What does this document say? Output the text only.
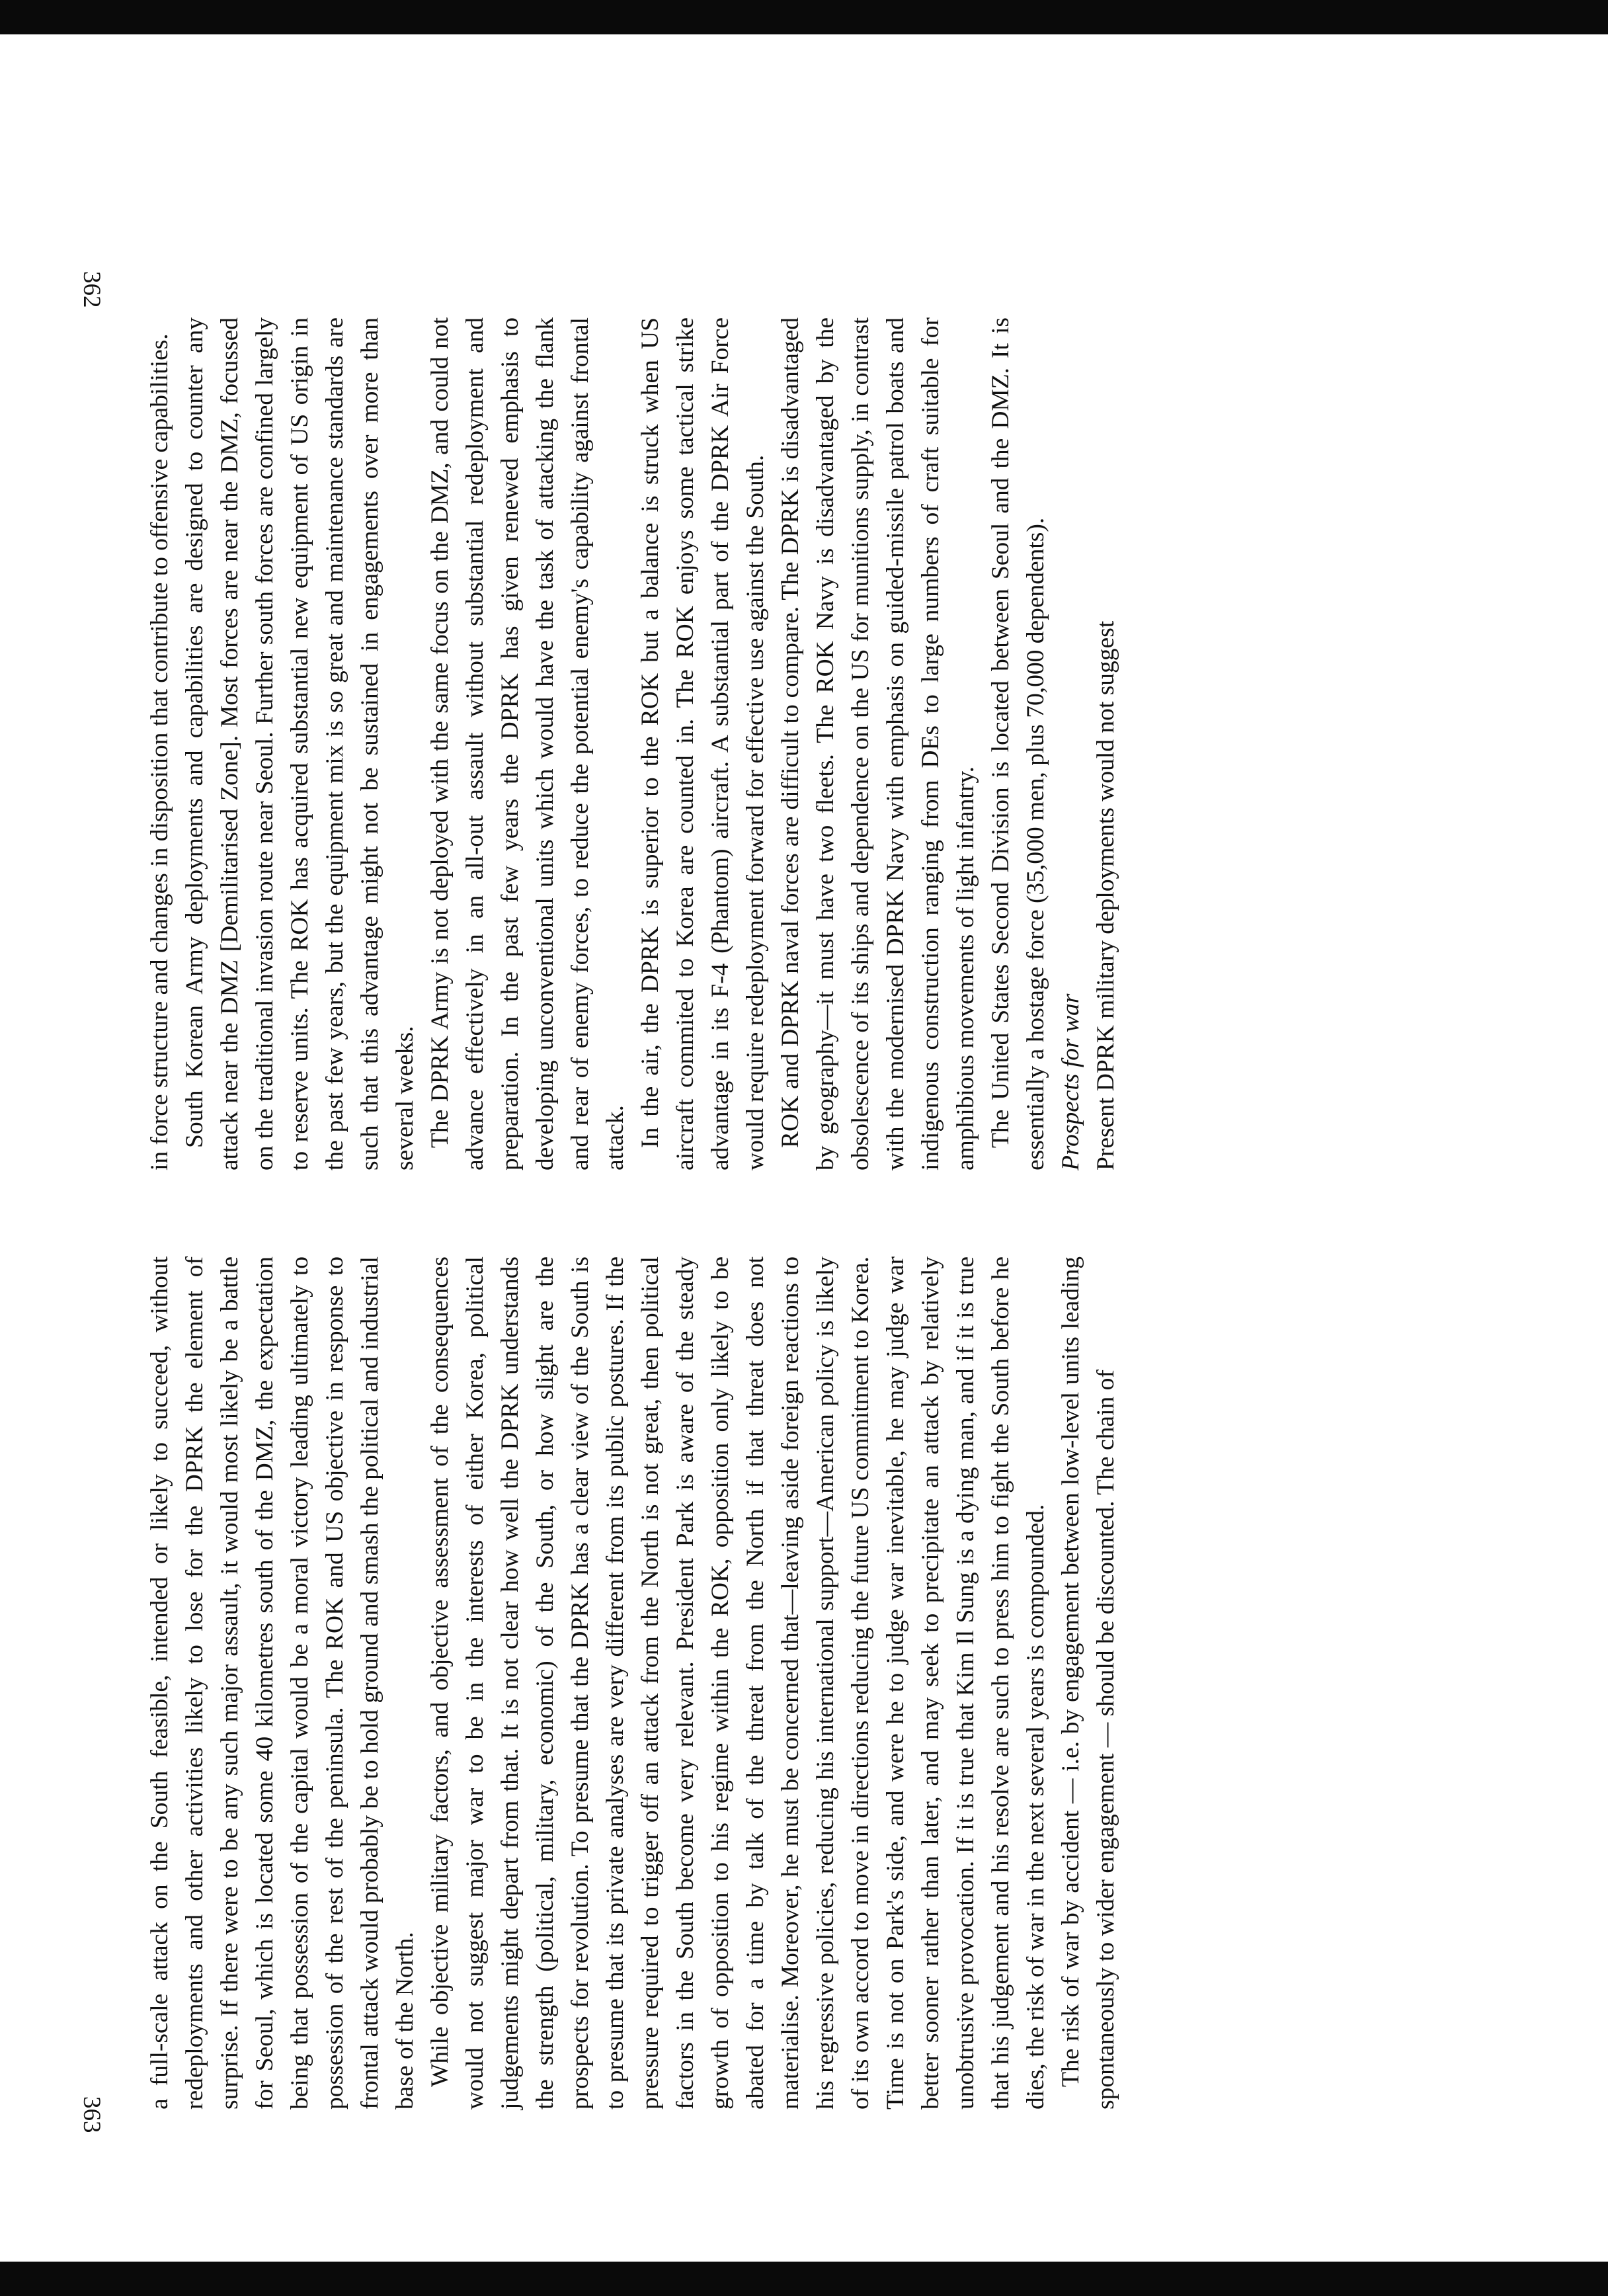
in force structure and changes in disposition that contribute to offensive capabilities. South Korean Army deployments and capabilities are designed to counter any attack near the DMZ [Demilitarised Zone]. Most forces are near the DMZ, focussed on the traditional invasion route near Seoul. Further south forces are confined largely to reserve units. The ROK has acquired substantial new equipment of US origin in the past few years, but the equipment mix is so great and maintenance standards are such that this advantage might not be sustained in engagements over more than several weeks. The DPRK Army is not deployed with the same focus on the DMZ, and could not advance effectively in an all-out assault without substantial redeployment and preparation. In the past few years the DPRK has given renewed emphasis to developing unconventional units which would have the task of attacking the flank and rear of enemy forces, to reduce the potential enemy's capability against frontal attack. In the air, the DPRK is superior to the ROK but a balance is struck when US aircraft commited to Korea are counted in. The ROK enjoys some tactical strike advantage in its F-4 (Phantom) aircraft. A substantial part of the DPRK Air Force would require redeployment forward for effective use against the South. ROK and DPRK naval forces are difficult to compare. The DPRK is disadvantaged by geography—it must have two fleets. The ROK Navy is disadvantaged by the obsolescence of its ships and dependence on the US for munitions supply, in contrast with the modernised DPRK Navy with emphasis on guided-missile patrol boats and indigenous construction ranging from DEs to large numbers of craft suitable for amphibious movements of light infantry. The United States Second Division is located between Seoul and the DMZ. It is essentially a hostage force (35,000 men, plus 70,000 dependents). Prospects for war Present DPRK military deployments would not suggest

a full-scale attack on the South feasible, intended or likely to succeed, without redeployments and other activities likely to lose for the DPRK the element of surprise. If there were to be any such major assault, it would most likely be a battle for Seoul, which is located some 40 kilometres south of the DMZ, the expectation being that possession of the capital would be a moral victory leading ultimately to possession of the rest of the peninsula. The ROK and US objective in response to frontal attack would probably be to hold ground and smash the political and industrial base of the North. While objective military factors, and objective assessment of the consequences would not suggest major war to be in the interests of either Korea, political judgements might depart from that. It is not clear how well the DPRK understands the strength (political, military, economic) of the South, or how slight are the prospects for revolution. To presume that the DPRK has a clear view of the South is to presume that its private analyses are very different from its public postures. If the pressure required to trigger off an attack from the North is not great, then political factors in the South become very relevant. President Park is aware of the steady growth of opposition to his regime within the ROK, opposition only likely to be abated for a time by talk of the threat from the North if that threat does not materialise. Moreover, he must be concerned that—leaving aside foreign reactions to his regressive policies, reducing his international support—American policy is likely of its own accord to move in directions reducing the future US commitment to Korea. Time is not on Park's side, and were he to judge war inevitable, he may judge war better sooner rather than later, and may seek to precipitate an attack by relatively unobtrusive provocation. If it is true that Kim Il Sung is a dying man, and if it is true that his judgement and his resolve are such to press him to fight the South before he dies, the risk of war in the next several years is compounded. The risk of war by accident — i.e. by engagement between low-level units leading spontaneously to wider engagement — should be discounted. The chain of

362
363
